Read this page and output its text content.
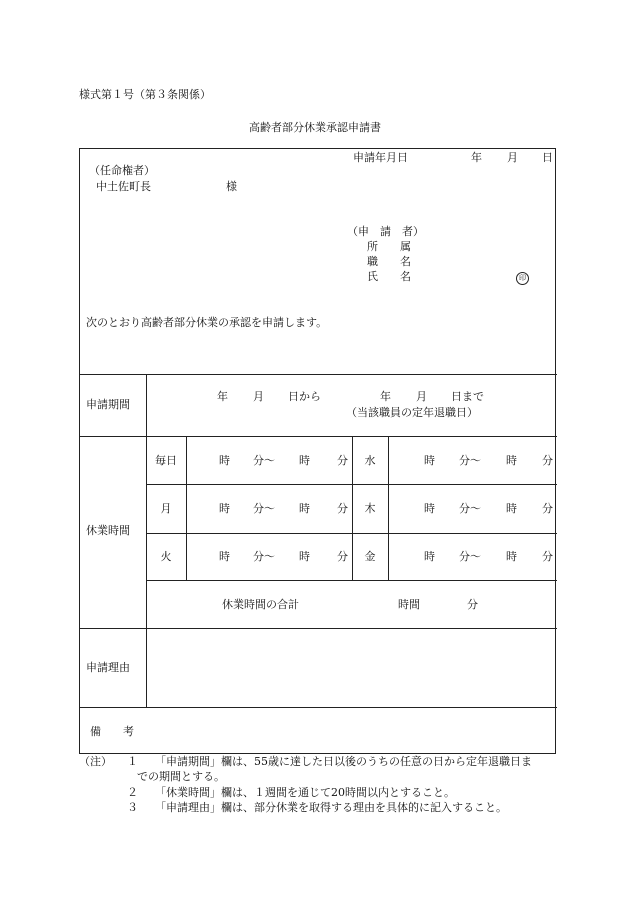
様式第１号（第３条関係）
高齢者部分休業承認申請書
申請年月日	年 月 日
（任命権者）
中土佐町長	様
（申　請　者）
所　　属
職　　名
氏　　名	印
次のとおり高齢者部分休業の承認を申請します。
申請期間
年 月 日から	年 月 日まで
（当該職員の定年退職日）
休業時間
毎日	時 分～ 時 分	水	時 分～ 時 分
月	時 分～ 時 分	木	時 分～ 時 分
火	時 分～ 時 分	金	時 分～ 時 分
休業時間の合計	時間	分
申請理由
備　　考
（注） １ 「申請期間」欄は、55歳に達した日以後のうちの任意の日から定年退職日ま
での期間とする。
２ 「休業時間」欄は、１週間を通じて20時間以内とすること。
３ 「申請理由」欄は、部分休業を取得する理由を具体的に記入すること。
